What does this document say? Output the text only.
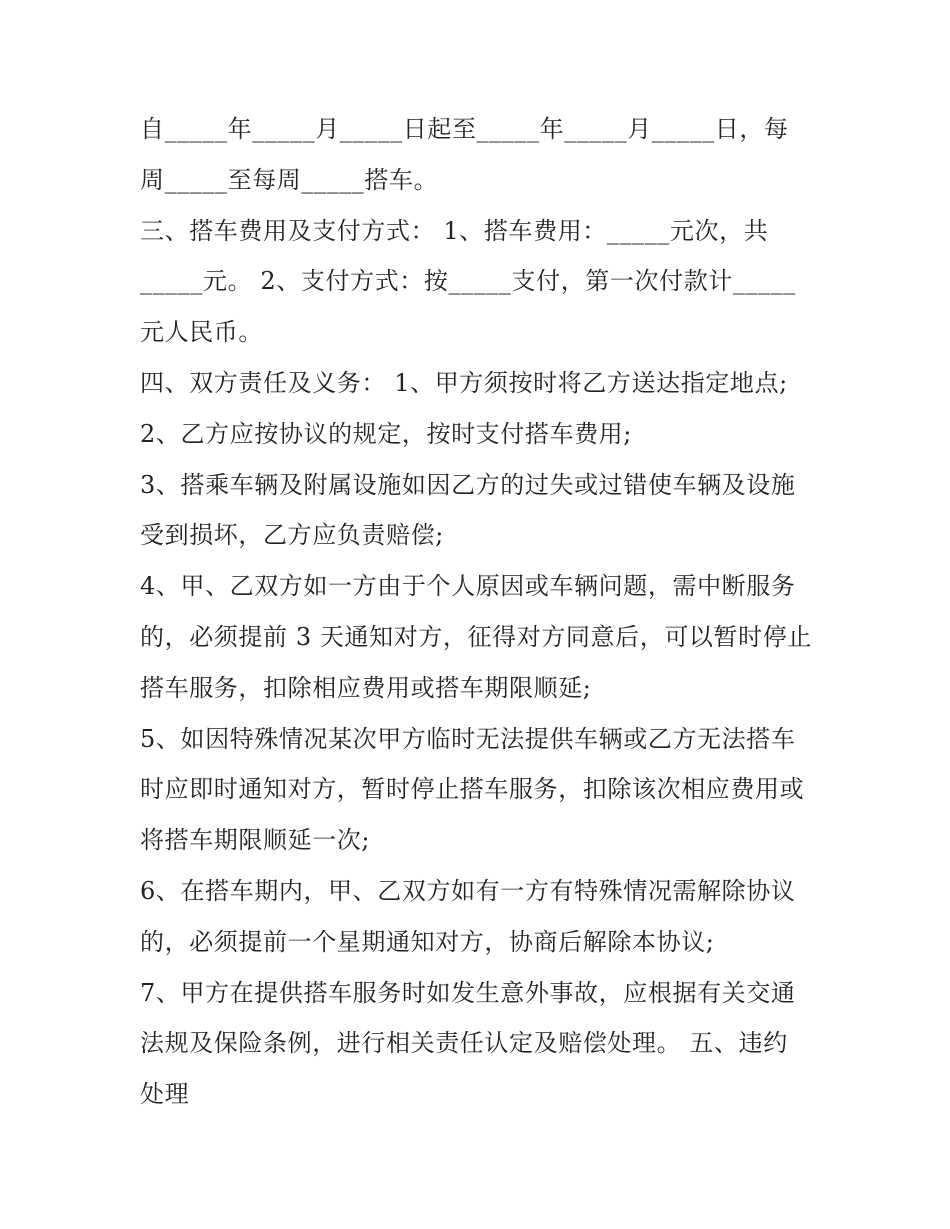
自_____年_____月_____日起至_____年_____月_____日，每
周_____至每周_____搭车。
三、搭车费用及支付方式： 1、搭车费用：_____元次，共
_____元。 2、支付方式：按_____支付，第一次付款计_____
元人民币。
四、双方责任及义务： 1、甲方须按时将乙方送达指定地点;
2、乙方应按协议的规定，按时支付搭车费用;
3、搭乘车辆及附属设施如因乙方的过失或过错使车辆及设施
受到损坏，乙方应负责赔偿;
4、甲、乙双方如一方由于个人原因或车辆问题，需中断服务
的，必须提前 3 天通知对方，征得对方同意后，可以暂时停止
搭车服务，扣除相应费用或搭车期限顺延;
5、如因特殊情况某次甲方临时无法提供车辆或乙方无法搭车
时应即时通知对方，暂时停止搭车服务，扣除该次相应费用或
将搭车期限顺延一次;
6、在搭车期内，甲、乙双方如有一方有特殊情况需解除协议
的，必须提前一个星期通知对方，协商后解除本协议;
7、甲方在提供搭车服务时如发生意外事故，应根据有关交通
法规及保险条例，进行相关责任认定及赔偿处理。 五、违约
处理
